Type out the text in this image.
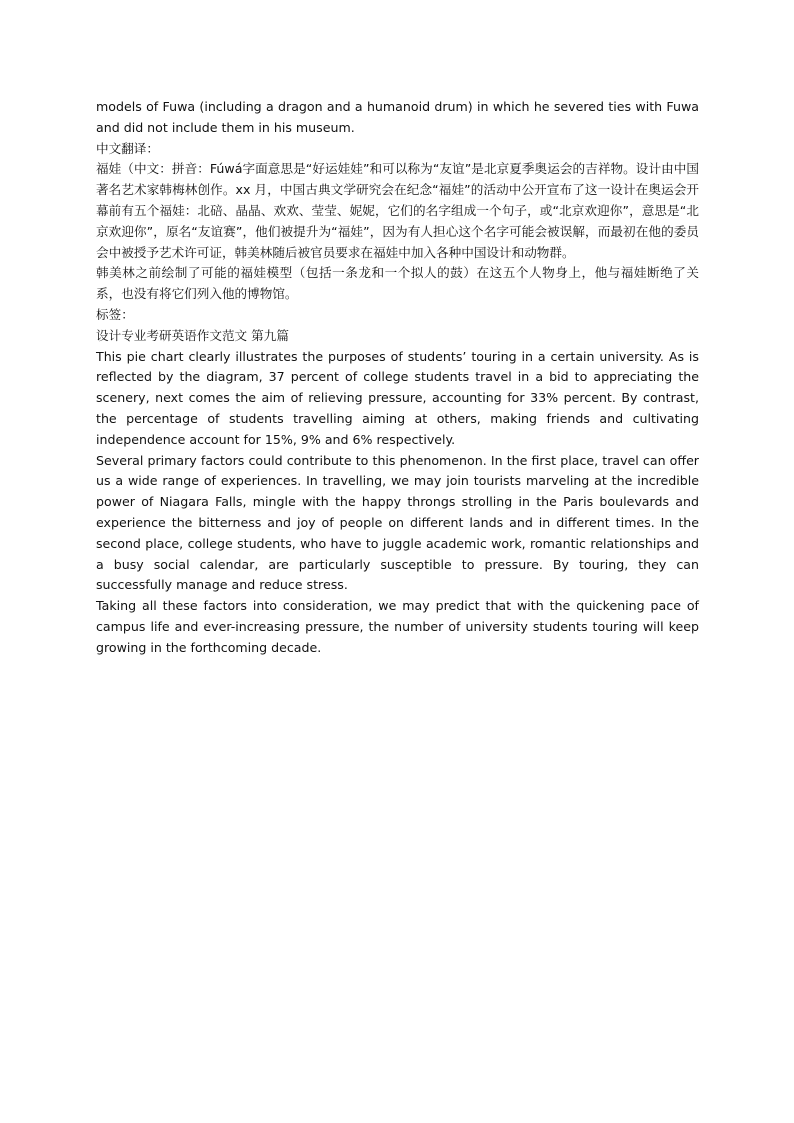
models of Fuwa (including a dragon and a humanoid drum) in which he severed ties with Fuwa and did not include them in his museum.

中文翻译：

福娃（中文：拼音：Fúwá字面意思是“好运娃娃”和可以称为“友谊”是北京夏季奥运会的吉祥物。设计由中国著名艺术家韩梅林创作。xx 月，中国古典文学研究会在纪念“福娃”的活动中公开宣布了这一设计在奥运会开幕前有五个福娃：北碚、晶晶、欢欢、莹莹、妮妮，它们的名字组成一个句子，或“北京欢迎你”，意思是“北京欢迎你”，原名“友谊赛”，他们被提升为“福娃”，因为有人担心这个名字可能会被误解，而最初在他的委员会中被授予艺术许可证，韩美林随后被官员要求在福娃中加入各种中国设计和动物群。

韩美林之前绘制了可能的福娃模型（包括一条龙和一个拟人的鼓）在这五个人物身上，他与福娃断绝了关系，也没有将它们列入他的博物馆。

标签：

设计专业考研英语作文范文 第九篇

This pie chart clearly illustrates the purposes of students’ touring in a certain university. As is reflected by the diagram, 37 percent of college students travel in a bid to appreciating the scenery, next comes the aim of relieving pressure, accounting for 33% percent. By contrast, the percentage of students travelling aiming at others, making friends and cultivating independence account for 15%, 9% and 6% respectively.

Several primary factors could contribute to this phenomenon. In the first place, travel can offer us a wide range of experiences. In travelling, we may join tourists marveling at the incredible power of Niagara Falls, mingle with the happy throngs strolling in the Paris boulevards and experience the bitterness and joy of people on different lands and in different times. In the second place, college students, who have to juggle academic work, romantic relationships and a busy social calendar, are particularly susceptible to pressure. By touring, they can successfully manage and reduce stress.

Taking all these factors into consideration, we may predict that with the quickening pace of campus life and ever-increasing pressure, the number of university students touring will keep growing in the forthcoming decade.
